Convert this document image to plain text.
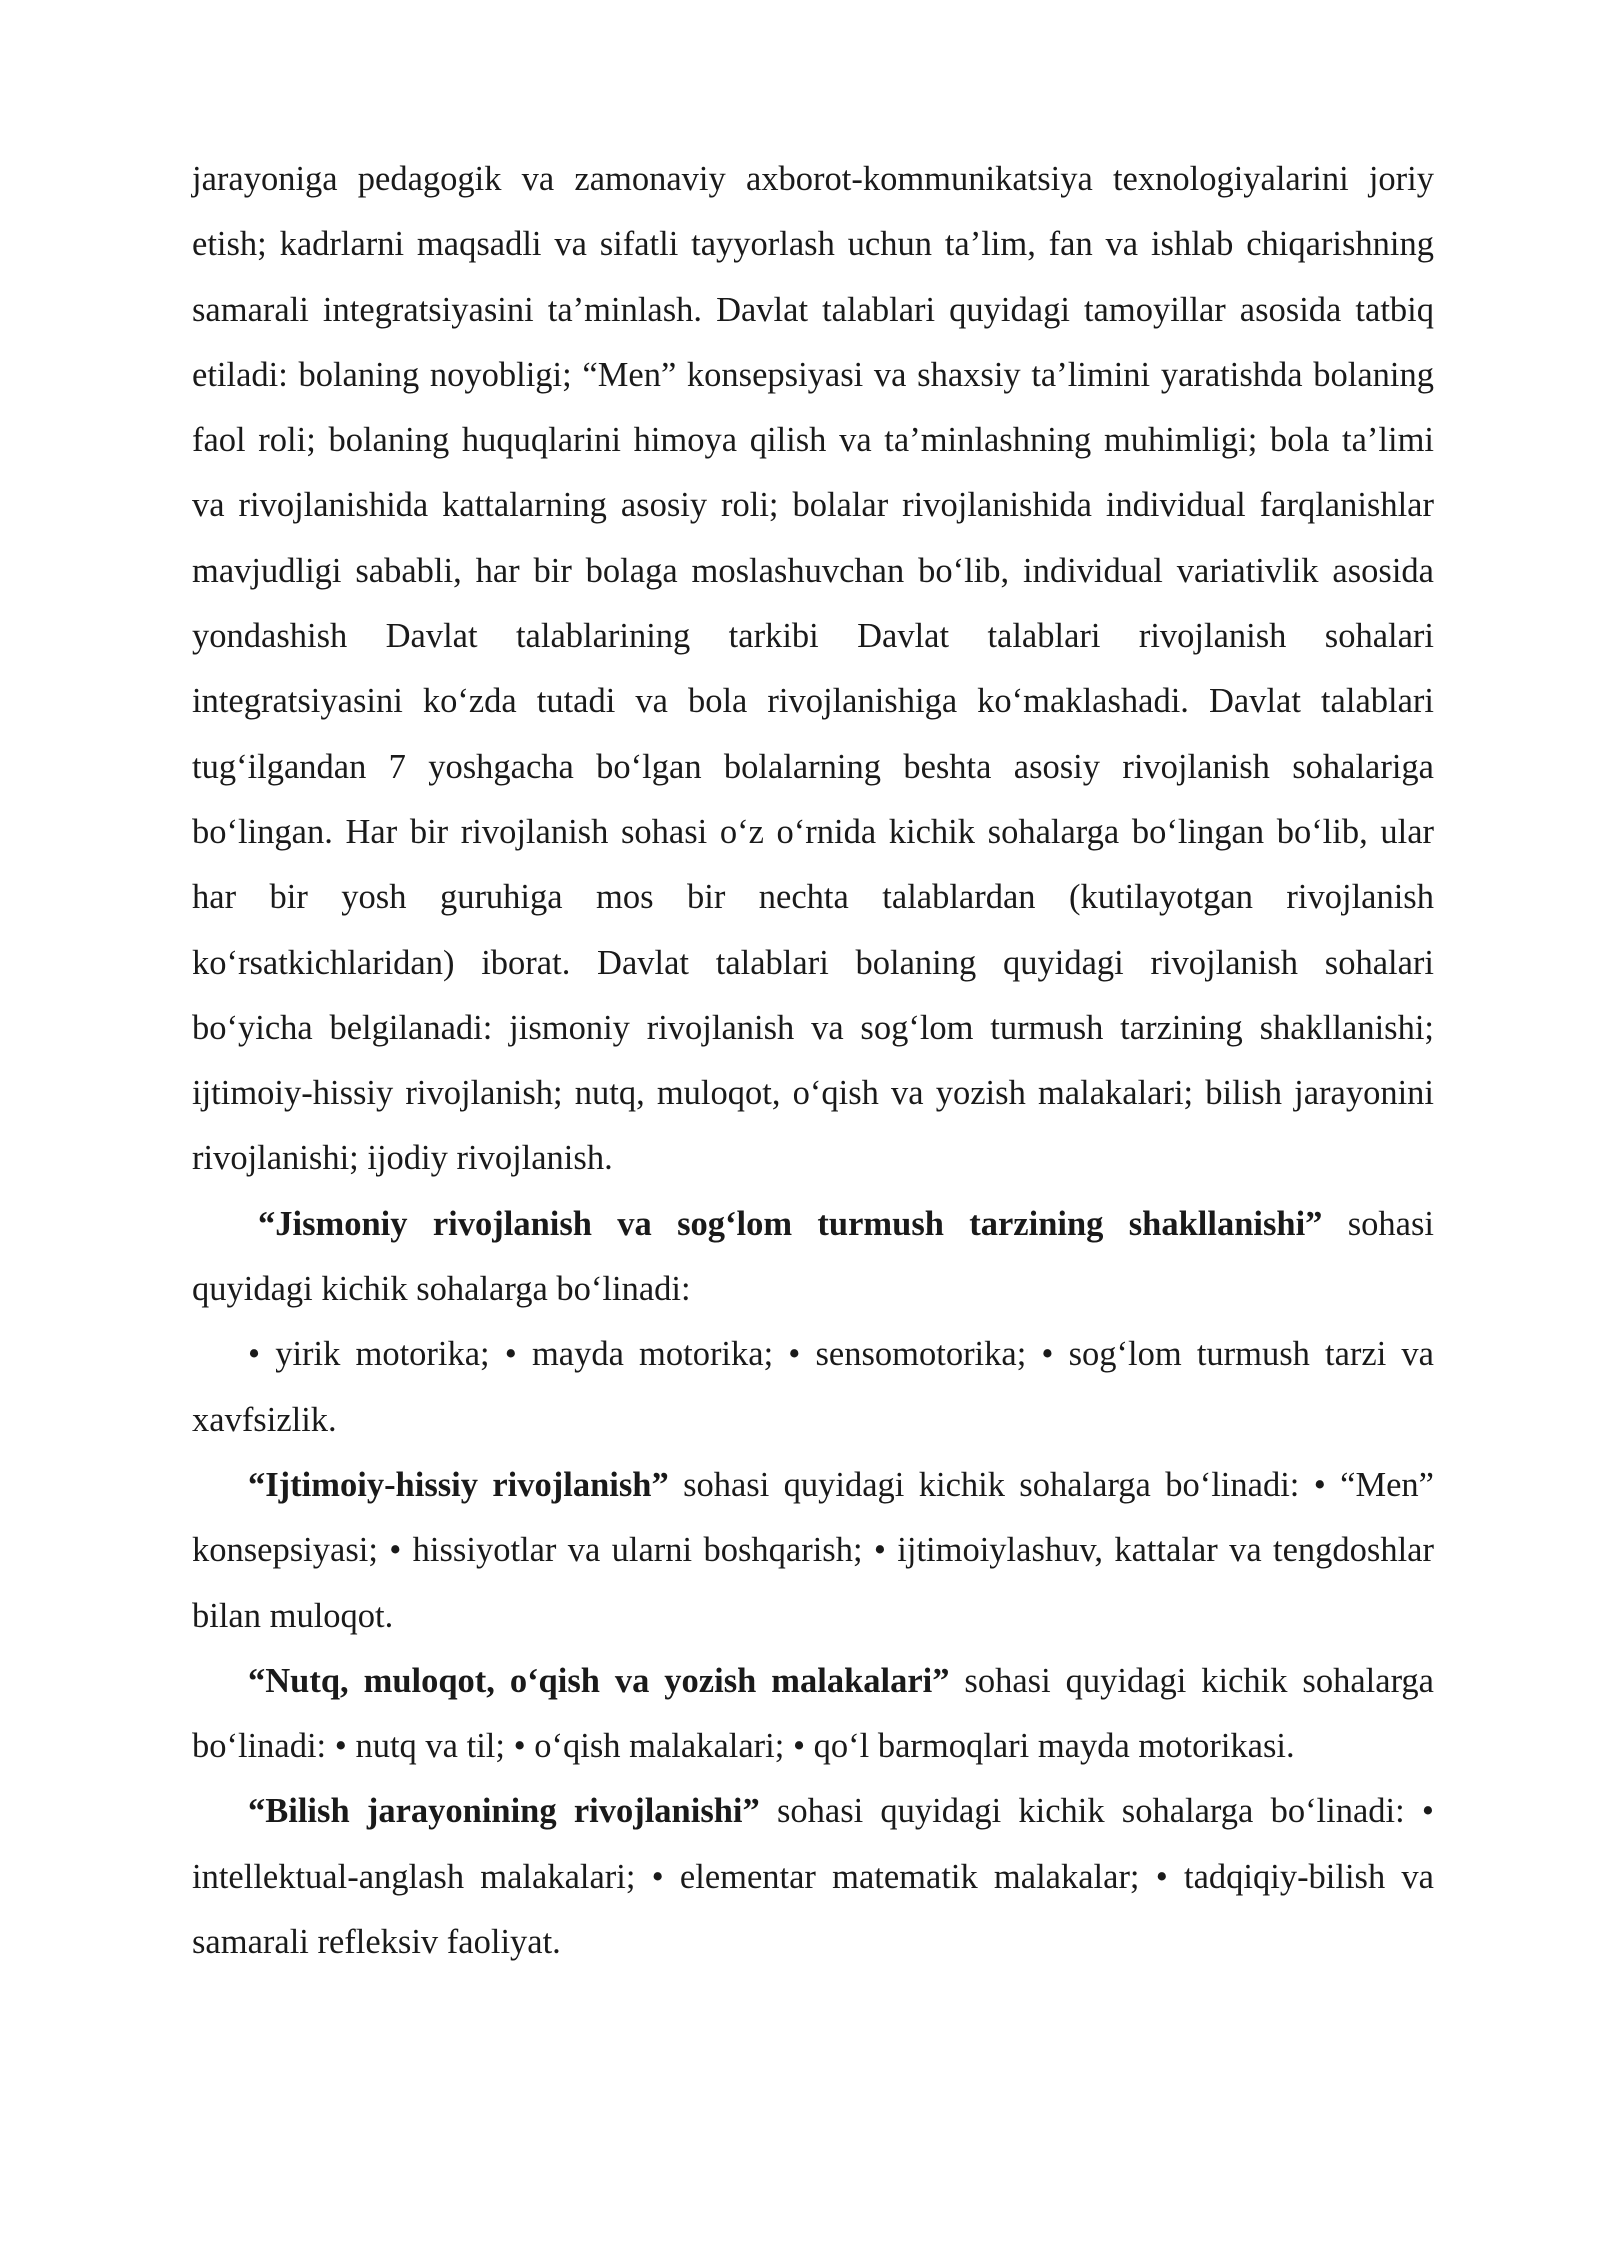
jarayoniga pedagogik va zamonaviy axborot-kommunikatsiya texnologiyalarini joriy etish; kadrlarni maqsadli va sifatli tayyorlash uchun ta’lim, fan va ishlab chiqarishning samarali integratsiyasini ta’minlash. Davlat talablari quyidagi tamoyillar asosida tatbiq etiladi: bolaning noyobligi; “Men” konsepsiyasi va shaxsiy ta’limini yaratishda bolaning faol roli; bolaning huquqlarini himoya qilish va ta’minlashning muhimligi; bola ta’limi va rivojlanishida kattalarning asosiy roli; bolalar rivojlanishida individual farqlanishlar mavjudligi sababli, har bir bolaga moslashuvchan bo‘lib, individual variativlik asosida yondashish Davlat talablarining tarkibi Davlat talablari rivojlanish sohalari integratsiyasini ko‘zda tutadi va bola rivojlanishiga ko‘maklashadi. Davlat talablari tug‘ilgandan 7 yoshgacha bo‘lgan bolalarning beshta asosiy rivojlanish sohalariga bo‘lingan. Har bir rivojlanish sohasi o‘z o‘rnida kichik sohalarga bo‘lingan bo‘lib, ular har bir yosh guruhiga mos bir nechta talablardan (kutilayotgan rivojlanish ko‘rsatkichlaridan) iborat. Davlat talablari bolaning quyidagi rivojlanish sohalari bo‘yicha belgilanadi: jismoniy rivojlanish va sog‘lom turmush tarzining shakllanishi; ijtimoiy-hissiy rivojlanish; nutq, muloqot, o‘qish va yozish malakalari; bilish jarayonini rivojlanishi; ijodiy rivojlanish.

“Jismoniy rivojlanish va sog‘lom turmush tarzining shakllanishi” sohasi quyidagi kichik sohalarga bo‘linadi:

• yirik motorika; • mayda motorika; • sensomotorika; • sog‘lom turmush tarzi va xavfsizlik.

“Ijtimoiy-hissiy rivojlanish” sohasi quyidagi kichik sohalarga bo‘linadi: • “Men” konsepsiyasi; • hissiyotlar va ularni boshqarish; • ijtimoiylashuv, kattalar va tengdoshlar bilan muloqot.

“Nutq, muloqot, o‘qish va yozish malakalari” sohasi quyidagi kichik sohalarga bo‘linadi: • nutq va til; • o‘qish malakalari; • qo‘l barmoqlari mayda motorikasi.

“Bilish jarayonining rivojlanishi” sohasi quyidagi kichik sohalarga bo‘linadi: • intellektual-anglash malakalari; • elementar matematik malakalar; • tadqiqiy-bilish va samarali refleksiv faoliyat.
